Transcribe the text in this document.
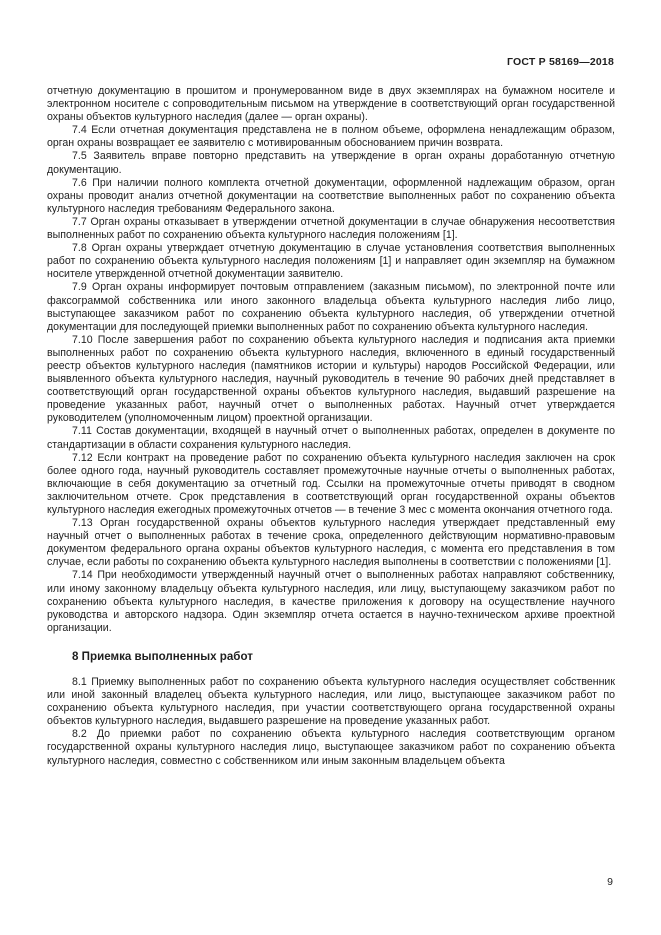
ГОСТ Р 58169—2018

отчетную документацию в прошитом и пронумерованном виде в двух экземплярах на бумажном носителе и электронном носителе с сопроводительным письмом на утверждение в соответствующий орган государственной охраны объектов культурного наследия (далее — орган охраны).

7.4 Если отчетная документация представлена не в полном объеме, оформлена ненадлежащим образом, орган охраны возвращает ее заявителю с мотивированным обоснованием причин возврата.

7.5 Заявитель вправе повторно представить на утверждение в орган охраны доработанную отчетную документацию.

7.6 При наличии полного комплекта отчетной документации, оформленной надлежащим образом, орган охраны проводит анализ отчетной документации на соответствие выполненных работ по сохранению объекта культурного наследия требованиям Федерального закона.

7.7 Орган охраны отказывает в утверждении отчетной документации в случае обнаружения несоответствия выполненных работ по сохранению объекта культурного наследия положениям [1].

7.8 Орган охраны утверждает отчетную документацию в случае установления соответствия выполненных работ по сохранению объекта культурного наследия положениям [1] и направляет один экземпляр на бумажном носителе утвержденной отчетной документации заявителю.

7.9 Орган охраны информирует почтовым отправлением (заказным письмом), по электронной почте или факсограммой собственника или иного законного владельца объекта культурного наследия либо лицо, выступающее заказчиком работ по сохранению объекта культурного наследия, об утверждении отчетной документации для последующей приемки выполненных работ по сохранению объекта культурного наследия.

7.10 После завершения работ по сохранению объекта культурного наследия и подписания акта приемки выполненных работ по сохранению объекта культурного наследия, включенного в единый государственный реестр объектов культурного наследия (памятников истории и культуры) народов Российской Федерации, или выявленного объекта культурного наследия, научный руководитель в течение 90 рабочих дней представляет в соответствующий орган государственной охраны объектов культурного наследия, выдавший разрешение на проведение указанных работ, научный отчет о выполненных работах. Научный отчет утверждается руководителем (уполномоченным лицом) проектной организации.

7.11 Состав документации, входящей в научный отчет о выполненных работах, определен в документе по стандартизации в области сохранения культурного наследия.

7.12 Если контракт на проведение работ по сохранению объекта культурного наследия заключен на срок более одного года, научный руководитель составляет промежуточные научные отчеты о выполненных работах, включающие в себя документацию за отчетный год. Ссылки на промежуточные отчеты приводят в сводном заключительном отчете. Срок представления в соответствующий орган государственной охраны объектов культурного наследия ежегодных промежуточных отчетов — в течение 3 мес с момента окончания отчетного года.

7.13 Орган государственной охраны объектов культурного наследия утверждает представленный ему научный отчет о выполненных работах в течение срока, определенного действующим нормативно-правовым документом федерального органа охраны объектов культурного наследия, с момента его представления в том случае, если работы по сохранению объекта культурного наследия выполнены в соответствии с положениями [1].

7.14 При необходимости утвержденный научный отчет о выполненных работах направляют собственнику, или иному законному владельцу объекта культурного наследия, или лицу, выступающему заказчиком работ по сохранению объекта культурного наследия, в качестве приложения к договору на осуществление научного руководства и авторского надзора. Один экземпляр отчета остается в научно-техническом архиве проектной организации.

8 Приемка выполненных работ

8.1 Приемку выполненных работ по сохранению объекта культурного наследия осуществляет собственник или иной законный владелец объекта культурного наследия, или лицо, выступающее заказчиком работ по сохранению объекта культурного наследия, при участии соответствующего органа государственной охраны объектов культурного наследия, выдавшего разрешение на проведение указанных работ.

8.2 До приемки работ по сохранению объекта культурного наследия соответствующим органом государственной охраны культурного наследия лицо, выступающее заказчиком работ по сохранению объекта культурного наследия, совместно с собственником или иным законным владельцем объекта

9
